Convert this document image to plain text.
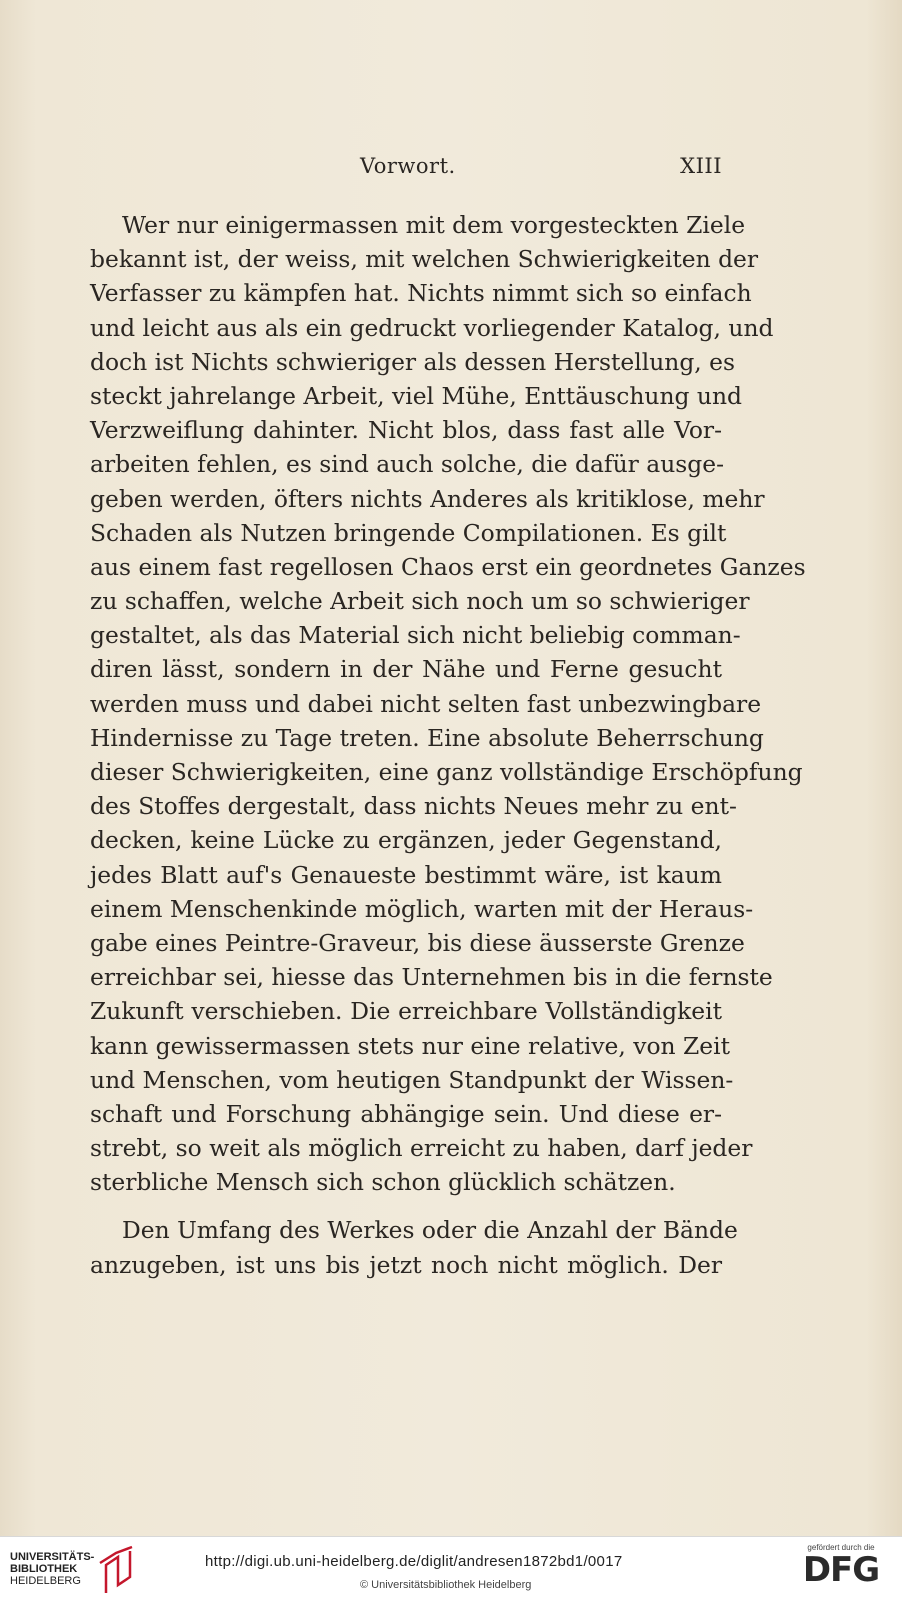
Vorwort.	XIII
Wer nur einigermassen mit dem vorgesteckten Ziele
bekannt ist, der weiss, mit welchen Schwierigkeiten der
Verfasser zu kämpfen hat. Nichts nimmt sich so einfach
und leicht aus als ein gedruckt vorliegender Katalog, und
doch ist Nichts schwieriger als dessen Herstellung, es
steckt jahrelange Arbeit, viel Mühe, Enttäuschung und
Verzweiflung dahinter. Nicht blos, dass fast alle Vor-
arbeiten fehlen, es sind auch solche, die dafür ausge-
geben werden, öfters nichts Anderes als kritiklose, mehr
Schaden als Nutzen bringende Compilationen. Es gilt
aus einem fast regellosen Chaos erst ein geordnetes Ganzes
zu schaffen, welche Arbeit sich noch um so schwieriger
gestaltet, als das Material sich nicht beliebig comman-
diren lässt, sondern in der Nähe und Ferne gesucht
werden muss und dabei nicht selten fast unbezwingbare
Hindernisse zu Tage treten. Eine absolute Beherrschung
dieser Schwierigkeiten, eine ganz vollständige Erschöpfung
des Stoffes dergestalt, dass nichts Neues mehr zu ent-
decken, keine Lücke zu ergänzen, jeder Gegenstand,
jedes Blatt auf's Genaueste bestimmt wäre, ist kaum
einem Menschenkinde möglich, warten mit der Heraus-
gabe eines Peintre-Graveur, bis diese äusserste Grenze
erreichbar sei, hiesse das Unternehmen bis in die fernste
Zukunft verschieben. Die erreichbare Vollständigkeit
kann gewissermassen stets nur eine relative, von Zeit
und Menschen, vom heutigen Standpunkt der Wissen-
schaft und Forschung abhängige sein. Und diese er-
strebt, so weit als möglich erreicht zu haben, darf jeder
sterbliche Mensch sich schon glücklich schätzen.
Den Umfang des Werkes oder die Anzahl der Bände
anzugeben, ist uns bis jetzt noch nicht möglich. Der
UNIVERSITÄTS-
BIBLIOTHEK
HEIDELBERG
http://digi.ub.uni-heidelberg.de/diglit/andresen1872bd1/0017
© Universitätsbibliothek Heidelberg
gefördert durch die
DFG
